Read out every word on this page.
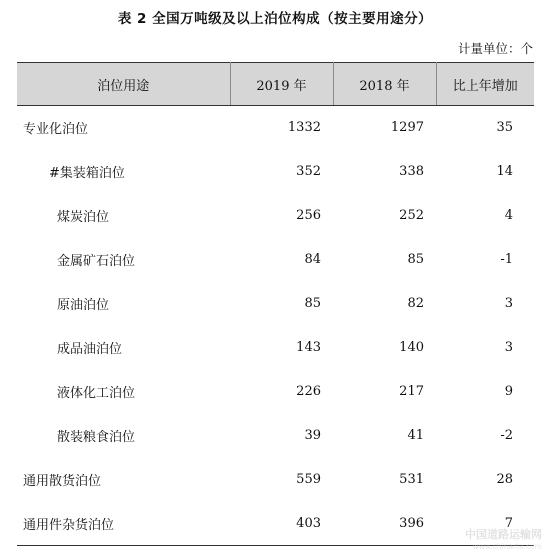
表 2 全国万吨级及以上泊位构成（按主要用途分）
计量单位：个
泊位用途	2019 年	2018 年	比上年增加
专业化泊位	1332	1297	35
#集装箱泊位	352	338	14
煤炭泊位	256	252	4
金属矿石泊位	84	85	-1
原油泊位	85	82	3
成品油泊位	143	140	3
液体化工泊位	226	217	9
散装粮食泊位	39	41	-2
通用散货泊位	559	531	28
通用件杂货泊位	403	396	7
中国道路运输网
www.chinarta.com
